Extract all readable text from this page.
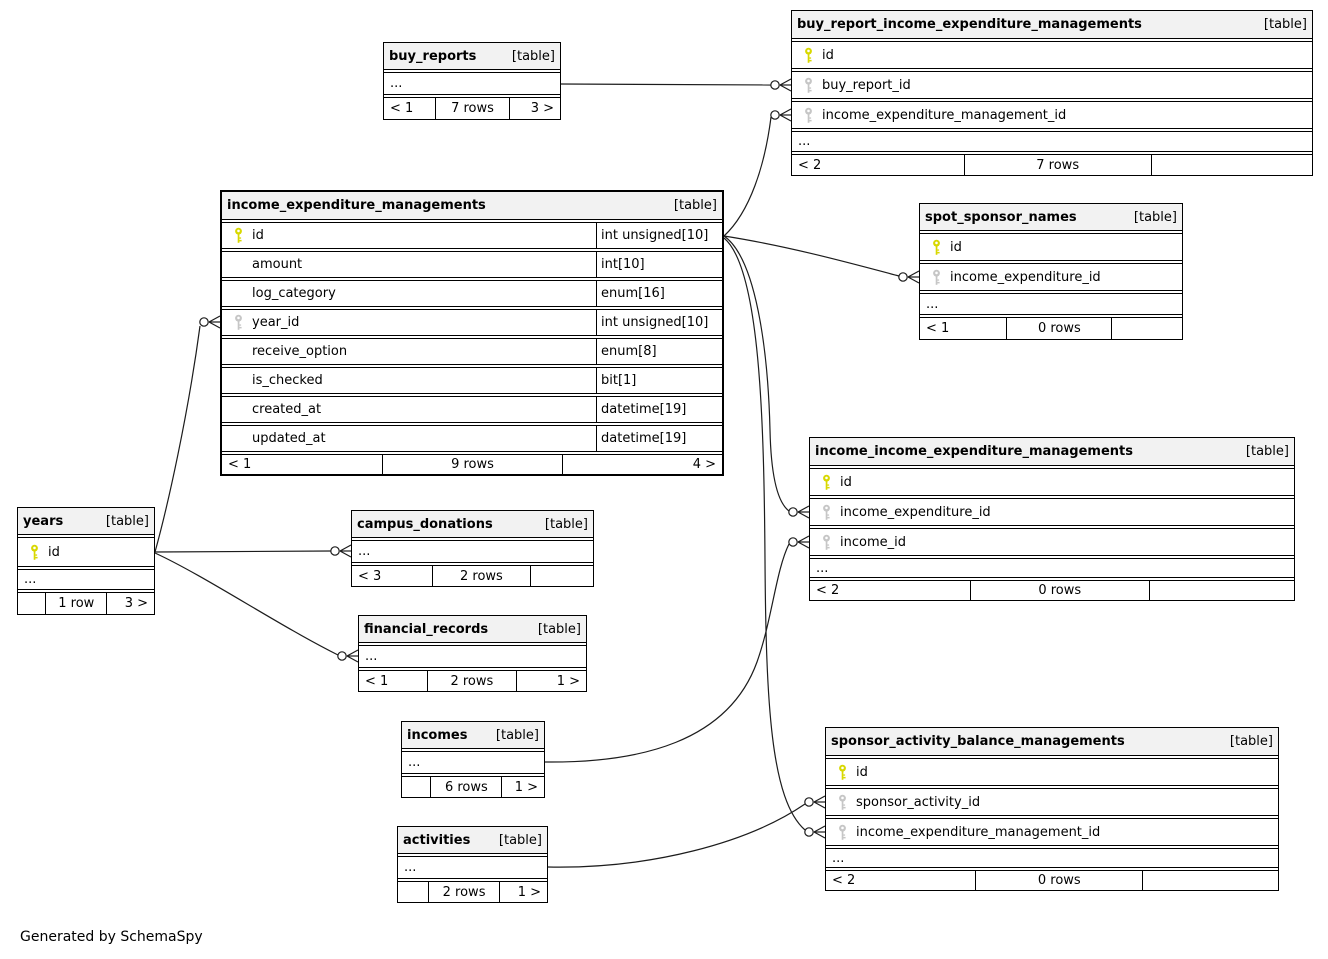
buy_reports	[table]
...
< 1	7 rows	3 >
buy_report_income_expenditure_managements	[table]
id
buy_report_id
income_expenditure_management_id
...
< 2	7 rows
income_expenditure_managements	[table]
id	int unsigned[10]
amount	int[10]
log_category	enum[16]
year_id	int unsigned[10]
receive_option	enum[8]
is_checked	bit[1]
created_at	datetime[19]
updated_at	datetime[19]
< 1	9 rows	4 >
spot_sponsor_names	[table]
id
income_expenditure_id
...
< 1	0 rows
income_income_expenditure_managements	[table]
id
income_expenditure_id
income_id
...
< 2	0 rows
years	[table]
id
...
1 row	3 >
campus_donations	[table]
...
< 3	2 rows
financial_records	[table]
...
< 1	2 rows	1 >
incomes [table]
...
6 rows	1 >
activities [table]
...
2 rows	1 >
sponsor_activity_balance_managements	[table]
id
sponsor_activity_id
income_expenditure_management_id
...
< 2	0 rows
Generated by SchemaSpy
